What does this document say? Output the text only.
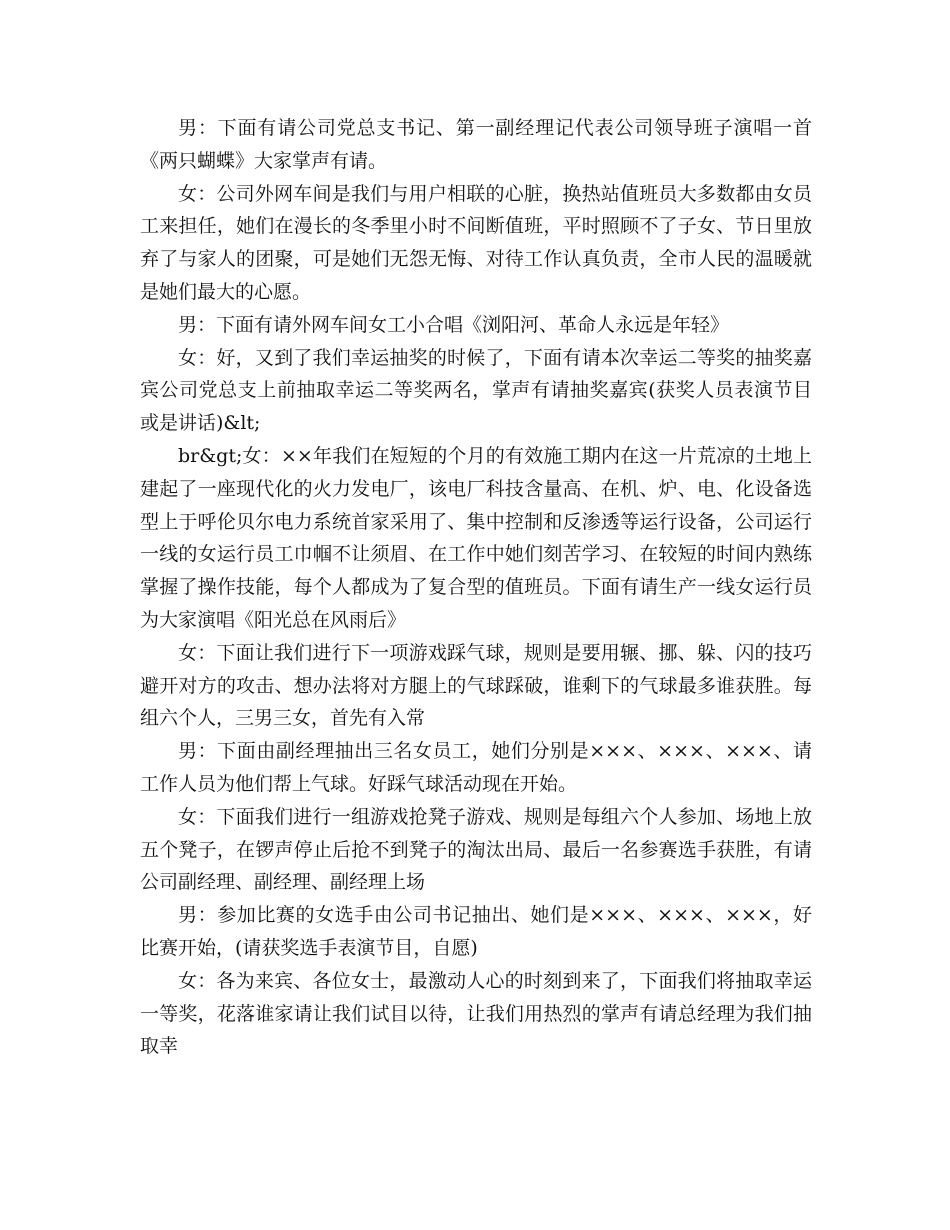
男：下面有请公司党总支书记、第一副经理记代表公司领导班子演唱一首《两只蝴蝶》大家掌声有请。

女：公司外网车间是我们与用户相联的心脏，换热站值班员大多数都由女员工来担任，她们在漫长的冬季里小时不间断值班，平时照顾不了子女、节日里放弃了与家人的团聚，可是她们无怨无悔、对待工作认真负责，全市人民的温暖就是她们最大的心愿。

男：下面有请外网车间女工小合唱《浏阳河、革命人永远是年轻》

女：好，又到了我们幸运抽奖的时候了，下面有请本次幸运二等奖的抽奖嘉宾公司党总支上前抽取幸运二等奖两名，掌声有请抽奖嘉宾(获奖人员表演节目或是讲话)&lt;

br&gt;女：××年我们在短短的个月的有效施工期内在这一片荒凉的土地上建起了一座现代化的火力发电厂，该电厂科技含量高、在机、炉、电、化设备选型上于呼伦贝尔电力系统首家采用了、集中控制和反渗透等运行设备，公司运行一线的女运行员工巾帼不让须眉、在工作中她们刻苦学习、在较短的时间内熟练掌握了操作技能，每个人都成为了复合型的值班员。下面有请生产一线女运行员为大家演唱《阳光总在风雨后》

女：下面让我们进行下一项游戏踩气球，规则是要用辗、挪、躲、闪的技巧避开对方的攻击、想办法将对方腿上的气球踩破，谁剩下的气球最多谁获胜。每组六个人，三男三女，首先有入常

男：下面由副经理抽出三名女员工，她们分别是×××、×××、×××、请工作人员为他们帮上气球。好踩气球活动现在开始。

女：下面我们进行一组游戏抢凳子游戏、规则是每组六个人参加、场地上放五个凳子，在锣声停止后抢不到凳子的淘汰出局、最后一名参赛选手获胜，有请公司副经理、副经理、副经理上场

男：参加比赛的女选手由公司书记抽出、她们是×××、×××、×××，好比赛开始，(请获奖选手表演节目，自愿)

女：各为来宾、各位女士，最激动人心的时刻到来了，下面我们将抽取幸运一等奖，花落谁家请让我们试目以待，让我们用热烈的掌声有请总经理为我们抽取幸
